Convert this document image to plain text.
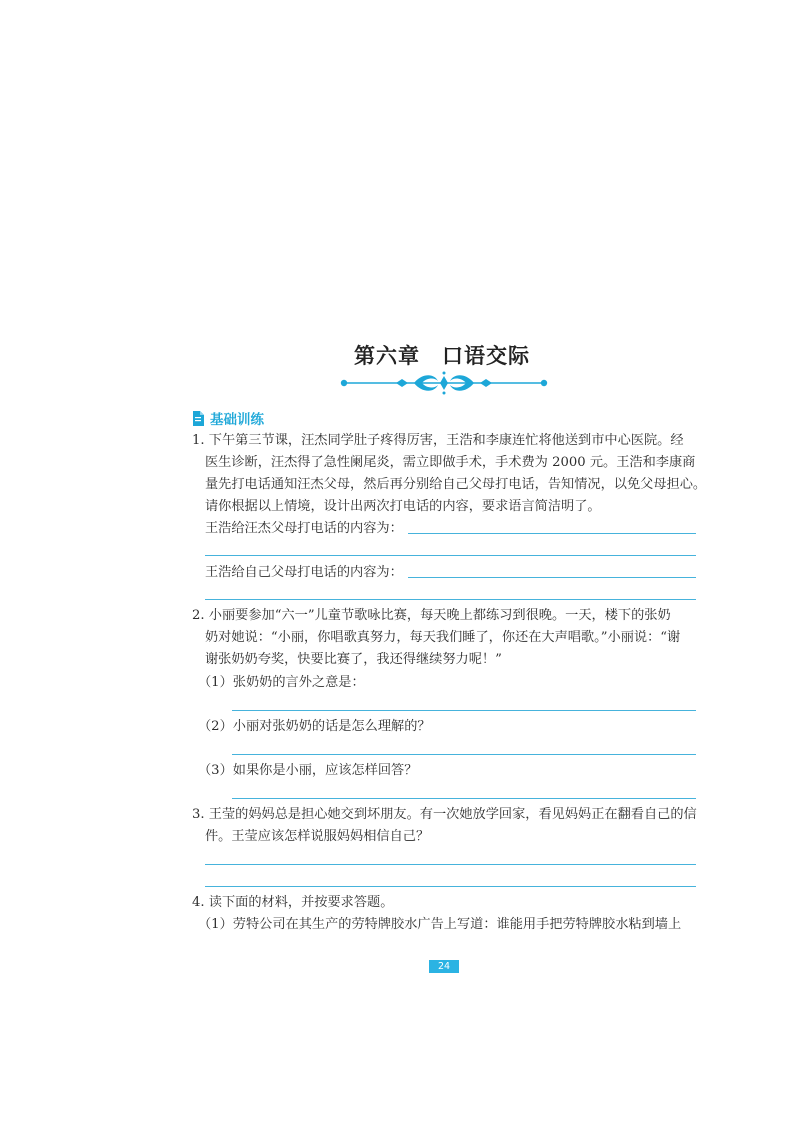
第六章　口语交际
基础训练
1. 下午第三节课，汪杰同学肚子疼得厉害，王浩和李康连忙将他送到市中心医院。经
医生诊断，汪杰得了急性阑尾炎，需立即做手术，手术费为 2000 元。王浩和李康商
量先打电话通知汪杰父母，然后再分别给自己父母打电话，告知情况，以免父母担心。
请你根据以上情境，设计出两次打电话的内容，要求语言简洁明了。
王浩给汪杰父母打电话的内容为：
王浩给自己父母打电话的内容为：
2. 小丽要参加“六一”儿童节歌咏比赛，每天晚上都练习到很晚。一天，楼下的张奶
奶对她说：“小丽，你唱歌真努力，每天我们睡了，你还在大声唱歌。”小丽说：“谢
谢张奶奶夸奖，快要比赛了，我还得继续努力呢！”
（1）张奶奶的言外之意是：
（2）小丽对张奶奶的话是怎么理解的？
（3）如果你是小丽，应该怎样回答？
3. 王莹的妈妈总是担心她交到坏朋友。有一次她放学回家，看见妈妈正在翻看自己的信
件。王莹应该怎样说服妈妈相信自己？
4. 读下面的材料，并按要求答题。
（1）劳特公司在其生产的劳特牌胶水广告上写道：谁能用手把劳特牌胶水粘到墙上
24
